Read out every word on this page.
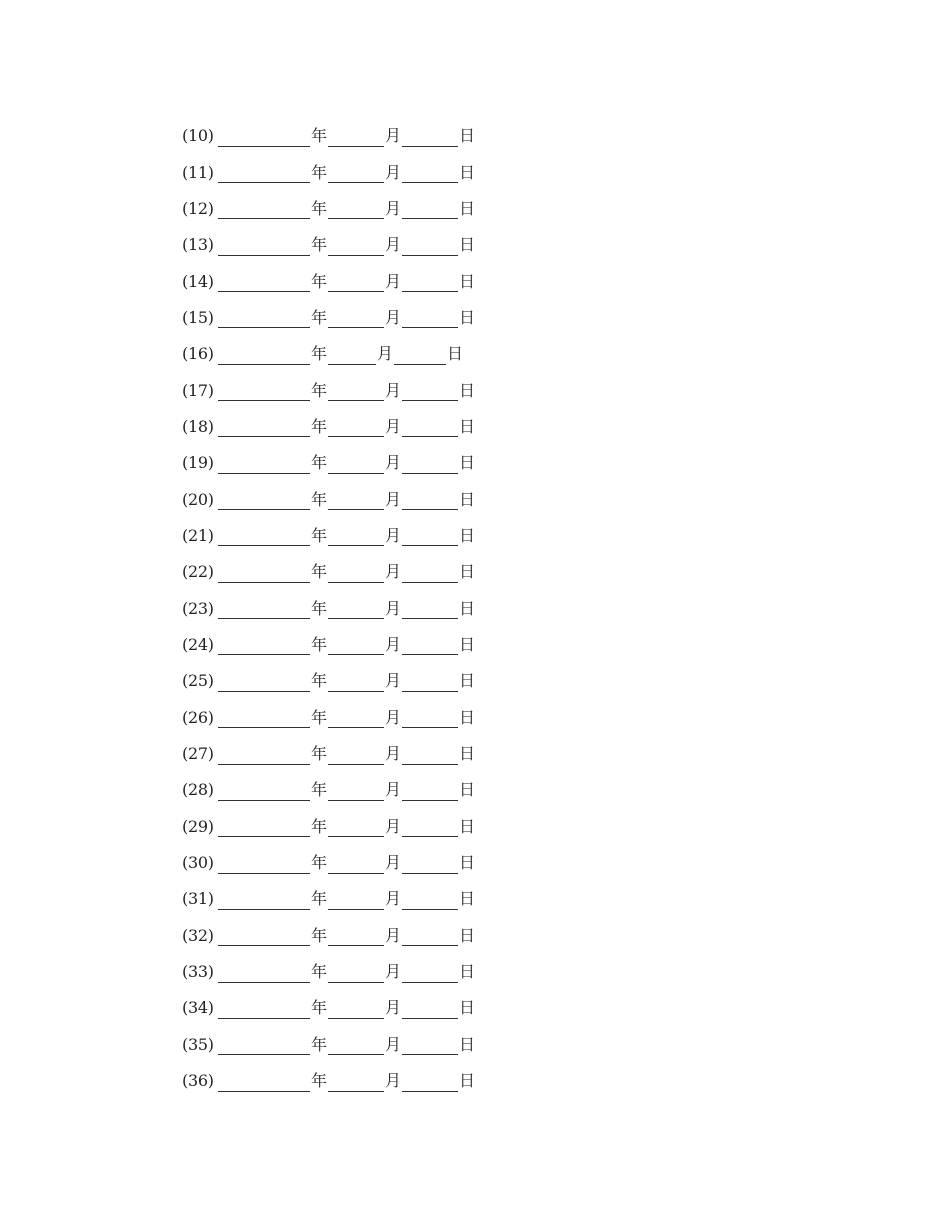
(10)	年	月	日
(11)	年	月	日
(12)	年	月	日
(13)	年	月	日
(14)	年	月	日
(15)	年	月	日
(16)	年	月	日
(17)	年	月	日
(18)	年	月	日
(19)	年	月	日
(20)	年	月	日
(21)	年	月	日
(22)	年	月	日
(23)	年	月	日
(24)	年	月	日
(25)	年	月	日
(26)	年	月	日
(27)	年	月	日
(28)	年	月	日
(29)	年	月	日
(30)	年	月	日
(31)	年	月	日
(32)	年	月	日
(33)	年	月	日
(34)	年	月	日
(35)	年	月	日
(36)	年	月	日
